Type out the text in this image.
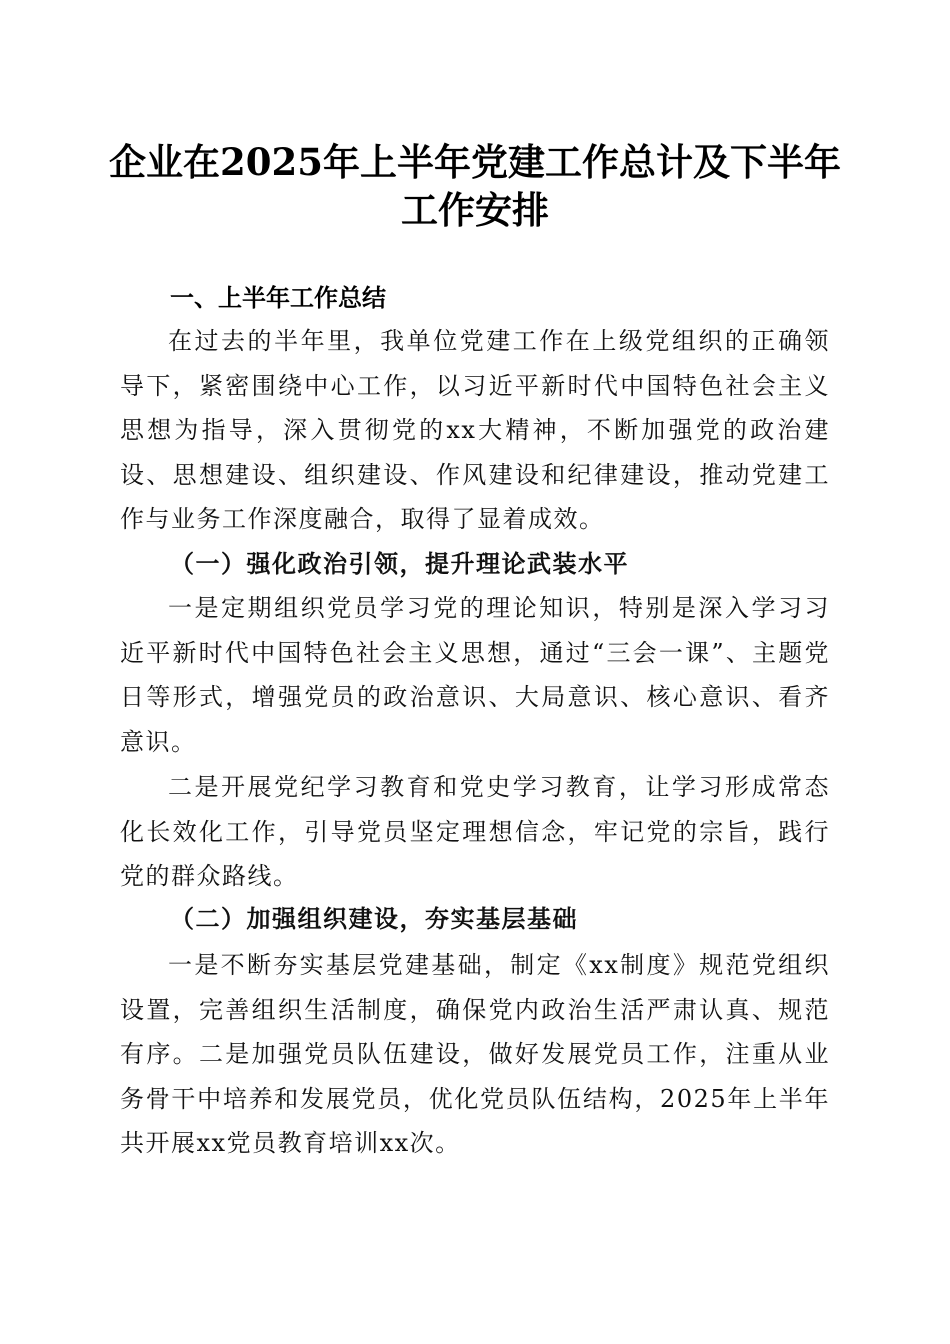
企业在2025年上半年党建工作总计及下半年
工作安排
一、上半年工作总结

在过去的半年里，我单位党建工作在上级党组织的正确领导下，紧密围绕中心工作，以习近平新时代中国特色社会主义思想为指导，深入贯彻党的xx大精神，不断加强党的政治建设、思想建设、组织建设、作风建设和纪律建设，推动党建工作与业务工作深度融合，取得了显着成效。

（一）强化政治引领，提升理论武装水平

一是定期组织党员学习党的理论知识，特别是深入学习习近平新时代中国特色社会主义思想，通过“三会一课”、主题党日等形式，增强党员的政治意识、大局意识、核心意识、看齐意识。

二是开展党纪学习教育和党史学习教育，让学习形成常态化长效化工作，引导党员坚定理想信念，牢记党的宗旨，践行党的群众路线。

（二）加强组织建设，夯实基层基础

一是不断夯实基层党建基础，制定《xx制度》规范党组织设置，完善组织生活制度，确保党内政治生活严肃认真、规范有序。二是加强党员队伍建设，做好发展党员工作，注重从业务骨干中培养和发展党员，优化党员队伍结构，2025年上半年共开展xx党员教育培训xx次。
